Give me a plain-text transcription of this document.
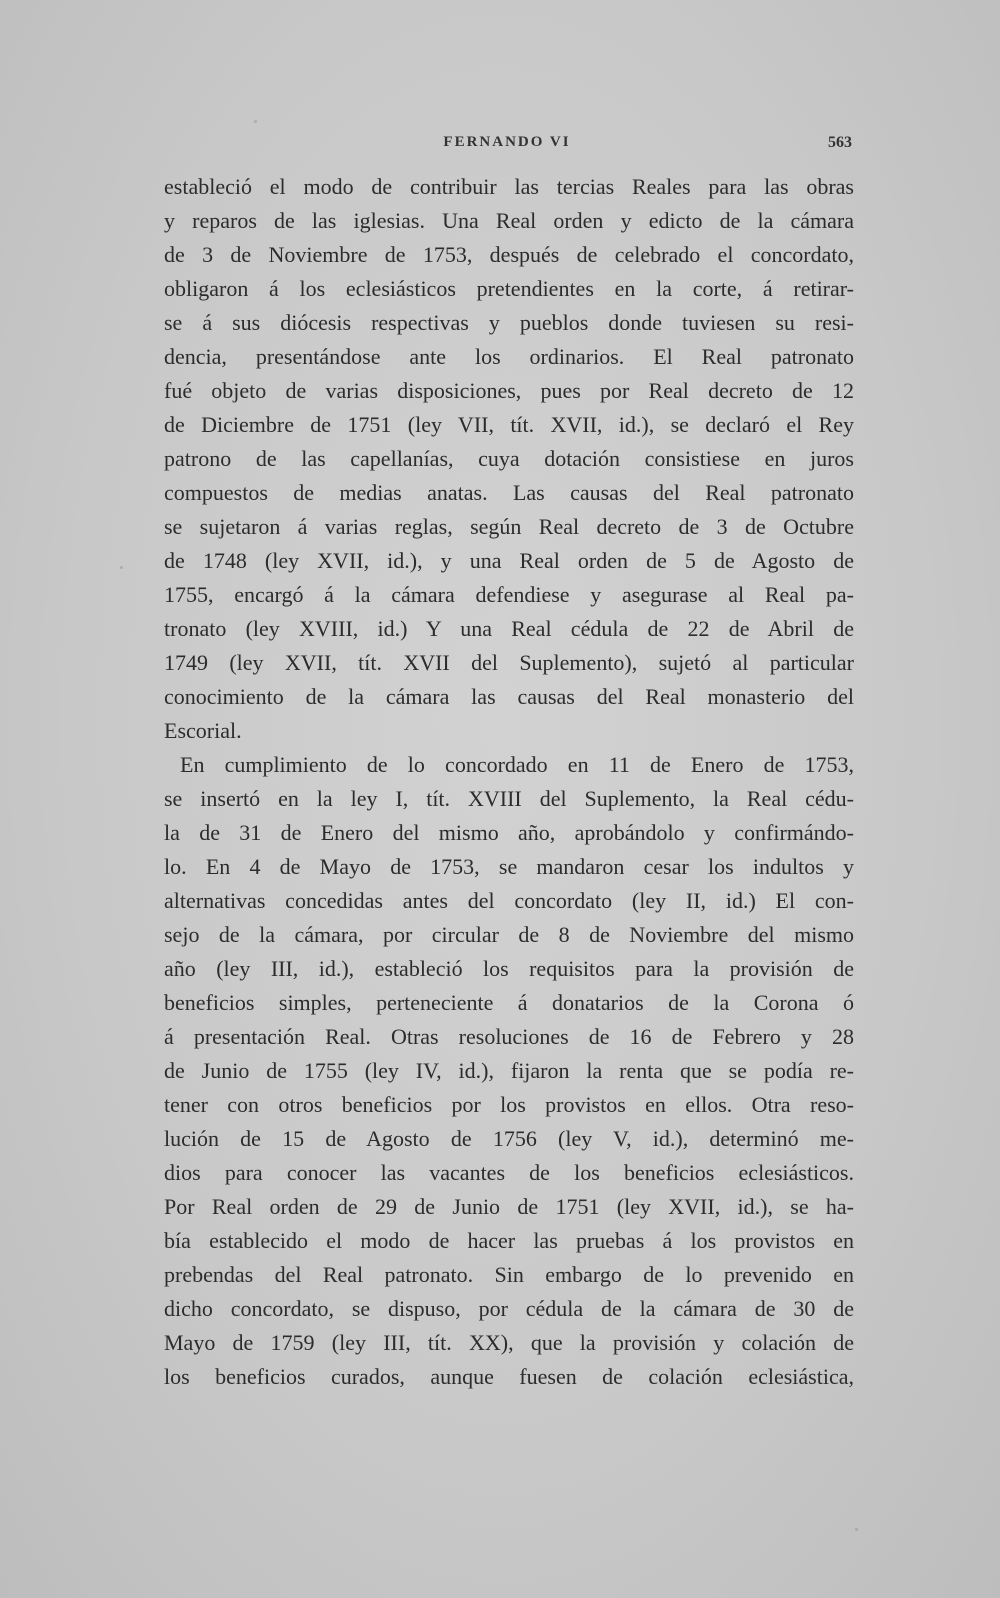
FERNANDO VI	563
estableció el modo de contribuir las tercias Reales para las obras
y reparos de las iglesias. Una Real orden y edicto de la cámara
de 3 de Noviembre de 1753, después de celebrado el concordato,
obligaron á los eclesiásticos pretendientes en la corte, á retirar-
se á sus diócesis respectivas y pueblos donde tuviesen su resi-
dencia, presentándose ante los ordinarios. El Real patronato
fué objeto de varias disposiciones, pues por Real decreto de 12
de Diciembre de 1751 (ley VII, tít. XVII, id.), se declaró el Rey
patrono de las capellanías, cuya dotación consistiese en juros
compuestos de medias anatas. Las causas del Real patronato
se sujetaron á varias reglas, según Real decreto de 3 de Octubre
de 1748 (ley XVII, id.), y una Real orden de 5 de Agosto de
1755, encargó á la cámara defendiese y asegurase al Real pa-
tronato (ley XVIII, id.) Y una Real cédula de 22 de Abril de
1749 (ley XVII, tít. XVII del Suplemento), sujetó al particular
conocimiento de la cámara las causas del Real monasterio del
Escorial.
En cumplimiento de lo concordado en 11 de Enero de 1753,
se insertó en la ley I, tít. XVIII del Suplemento, la Real cédu-
la de 31 de Enero del mismo año, aprobándolo y confirmándo-
lo. En 4 de Mayo de 1753, se mandaron cesar los indultos y
alternativas concedidas antes del concordato (ley II, id.) El con-
sejo de la cámara, por circular de 8 de Noviembre del mismo
año (ley III, id.), estableció los requisitos para la provisión de
beneficios simples, perteneciente á donatarios de la Corona ó
á presentación Real. Otras resoluciones de 16 de Febrero y 28
de Junio de 1755 (ley IV, id.), fijaron la renta que se podía re-
tener con otros beneficios por los provistos en ellos. Otra reso-
lución de 15 de Agosto de 1756 (ley V, id.), determinó me-
dios para conocer las vacantes de los beneficios eclesiásticos.
Por Real orden de 29 de Junio de 1751 (ley XVII, id.), se ha-
bía establecido el modo de hacer las pruebas á los provistos en
prebendas del Real patronato. Sin embargo de lo prevenido en
dicho concordato, se dispuso, por cédula de la cámara de 30 de
Mayo de 1759 (ley III, tít. XX), que la provisión y colación de
los beneficios curados, aunque fuesen de colación eclesiástica,
